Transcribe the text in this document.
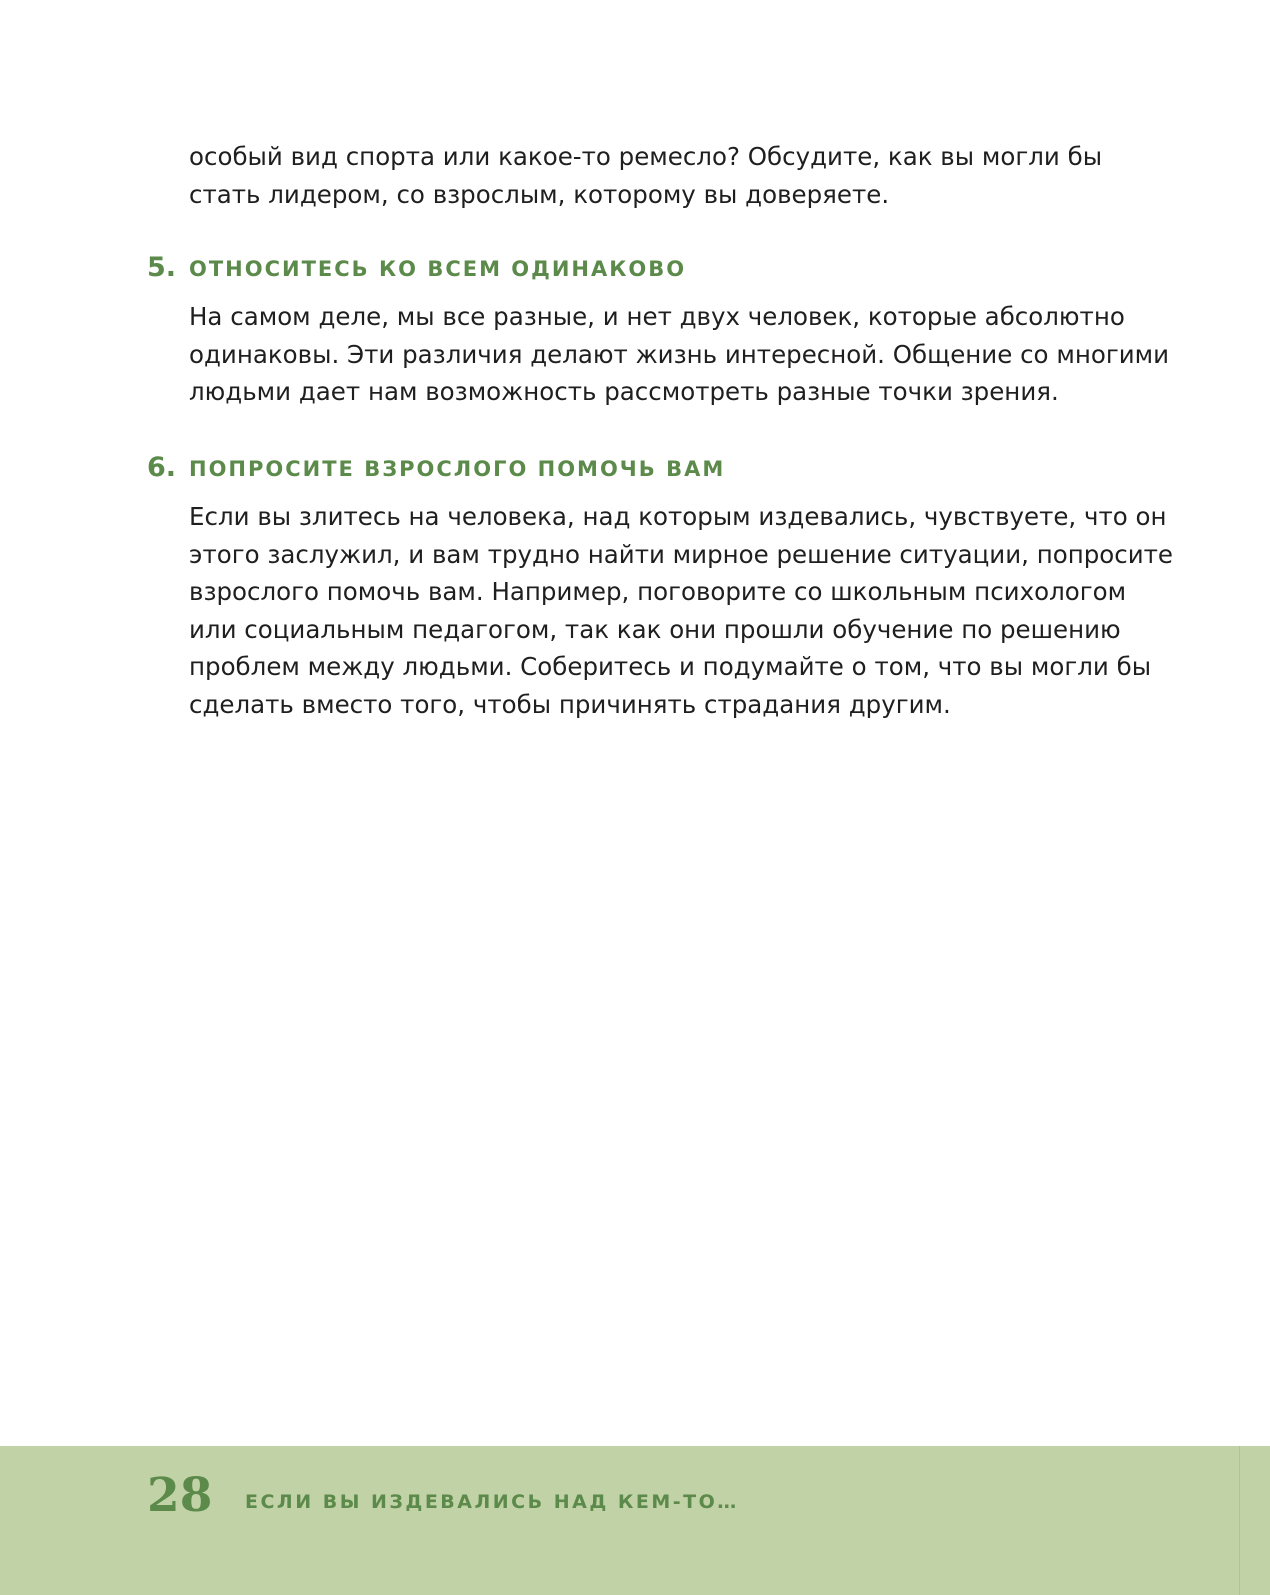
особый вид спорта или какое-то ремесло? Обсудите, как вы могли бы
стать лидером, со взрослым, которому вы доверяете.

5. ОТНОСИТЕСЬ КО ВСЕМ ОДИНАКОВО

На самом деле, мы все разные, и нет двух человек, которые абсолютно
одинаковы. Эти различия делают жизнь интересной. Общение со многими
людьми дает нам возможность рассмотреть разные точки зрения.

6. ПОПРОСИТЕ ВЗРОСЛОГО ПОМОЧЬ ВАМ

Если вы злитесь на человека, над которым издевались, чувствуете, что он
этого заслужил, и вам трудно найти мирное решение ситуации, попросите
взрослого помочь вам. Например, поговорите со школьным психологом
или социальным педагогом, так как они прошли обучение по решению
проблем между людьми. Соберитесь и подумайте о том, что вы могли бы
сделать вместо того, чтобы причинять страдания другим.

28 ЕСЛИ ВЫ ИЗДЕВАЛИСЬ НАД КЕМ-ТО…
